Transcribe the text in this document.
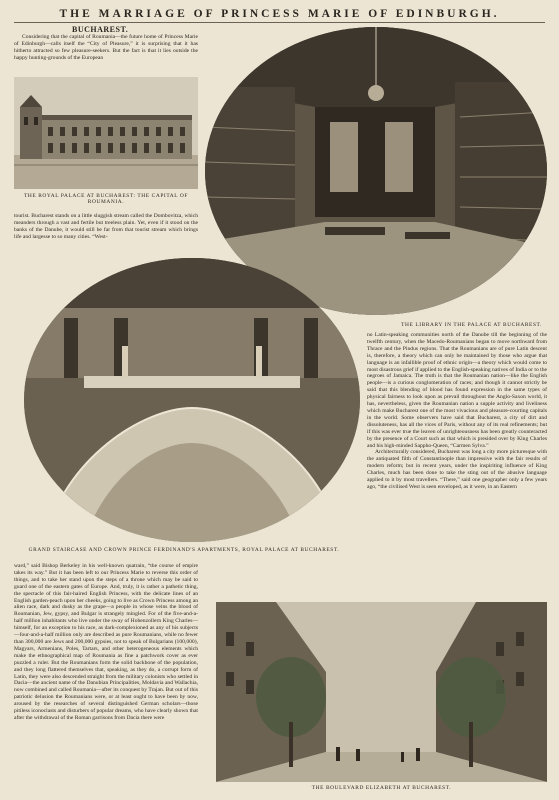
THE MARRIAGE OF PRINCESS MARIE OF EDINBURGH.
BUCHAREST.

Considering that the capital of Roumania—the future home of Princess Marie of Edinburgh—calls itself the “City of Pleasure,” it is surprising that it has hitherto attracted so few pleasure-seekers. But the fact is that it lies outside the happy hunting-grounds of the European

THE ROYAL PALACE AT BUCHAREST: THE CAPITAL OF ROUMANIA.

tourist. Bucharest stands on a little sluggish stream called the Dombovitza, which meanders through a vast and fertile but treeless plain. Yet, even if it stood on the banks of the Danube, it would still be far from that tourist stream which brings life and largesse to so many cities. “West-

THE LIBRARY IN THE PALACE AT BUCHAREST.
GRAND STAIRCASE AND CROWN PRINCE FERDINAND'S APARTMENTS, ROYAL PALACE AT BUCHAREST.

no Latin-speaking communities north of the Danube till the beginning of the twelfth century, when the Macedo-Roumanians began to move northward from Thrace and the Pindus regions. That the Roumanians are of pure Latin descent is, therefore, a theory which can only be maintained by those who argue that language is an infallible proof of ethnic origin—a theory which would come to most disastrous grief if applied to the English-speaking natives of India or to the negroes of Jamaica. The truth is that the Roumanian nation—like the English people—is a curious conglomeration of races; and though it cannot strictly be said that this blending of blood has found expression in the same types of physical fairness to look upon as prevail throughout the Anglo-Saxon world, it has, nevertheless, given the Roumanian nation a supple activity and liveliness which make Bucharest one of the most vivacious and pleasure-courting capitals in the world. Some observers have said that Bucharest, a city of dirt and dissoluteness, has all the vices of Paris, without any of its real refinements; but if this was ever true the leaven of unrighteousness has been greatly counteracted by the presence of a Court such as that which is presided over by King Charles and his high-minded Sappho-Queen, “Carmen Sylva.”

Architecturally considered, Bucharest was long a city more picturesque with the antiquated filth of Constantinople than impressive with the fair results of modern reform; but in recent years, under the inspiriting influence of King Charles, much has been done to take the sting out of the abusive language applied to it by most travellers. “There,” said one geographer only a few years ago, “the civilised West is seen enveloped, as it were, in an Eastern

ward,” said Bishop Berkeley in his well-known quatrain, “the course of empire takes its way.” But it has been left to our Princess Marie to reverse this order of things, and to take her stand upon the steps of a throne which may be said to guard one of the eastern gates of Europe. And, truly, it is rather a pathetic thing, the spectacle of this fair-haired English Princess, with the delicate lines of an English garden-peach upon her cheeks, going to live as Crown Princess among an alien race, dark and dusky as the grape—a people in whose veins the blood of Roumanian, Jew, gypsy, and Bulgar is strangely mingled. For of the five-and-a-half million inhabitants who live under the sway of Hohenzollern King Charles—himself, for an exception to his race, as dark-complexioned as any of his subjects—four-and-a-half million only are described as pure Roumanians, while no fewer than 300,000 are Jews and 200,000 gypsies, not to speak of Bulgarians (100,000), Magyars, Armenians, Poles, Tartars, and other heterogeneous elements which make the ethnographical map of Roumania as fine a patchwork cover as ever puzzled a ruler. But the Roumanians form the solid backbone of the population, and they long flattered themselves that, speaking, as they do, a corrupt form of Latin, they were also descended straight from the military colonists who settled in Dacia—the ancient name of the Danubian Principalities, Moldavia and Wallachia, now combined and called Roumania—after its conquest by Trajan. But out of this patriotic delusion the Roumanians were, or at least ought to have been by now, aroused by the researches of several distinguished German scholars—those pitiless iconoclasts and disturbers of popular dreams, who have clearly shown that after the withdrawal of the Roman garrisons from Dacia there were

THE BOULEVARD ELIZABETH AT BUCHAREST.
